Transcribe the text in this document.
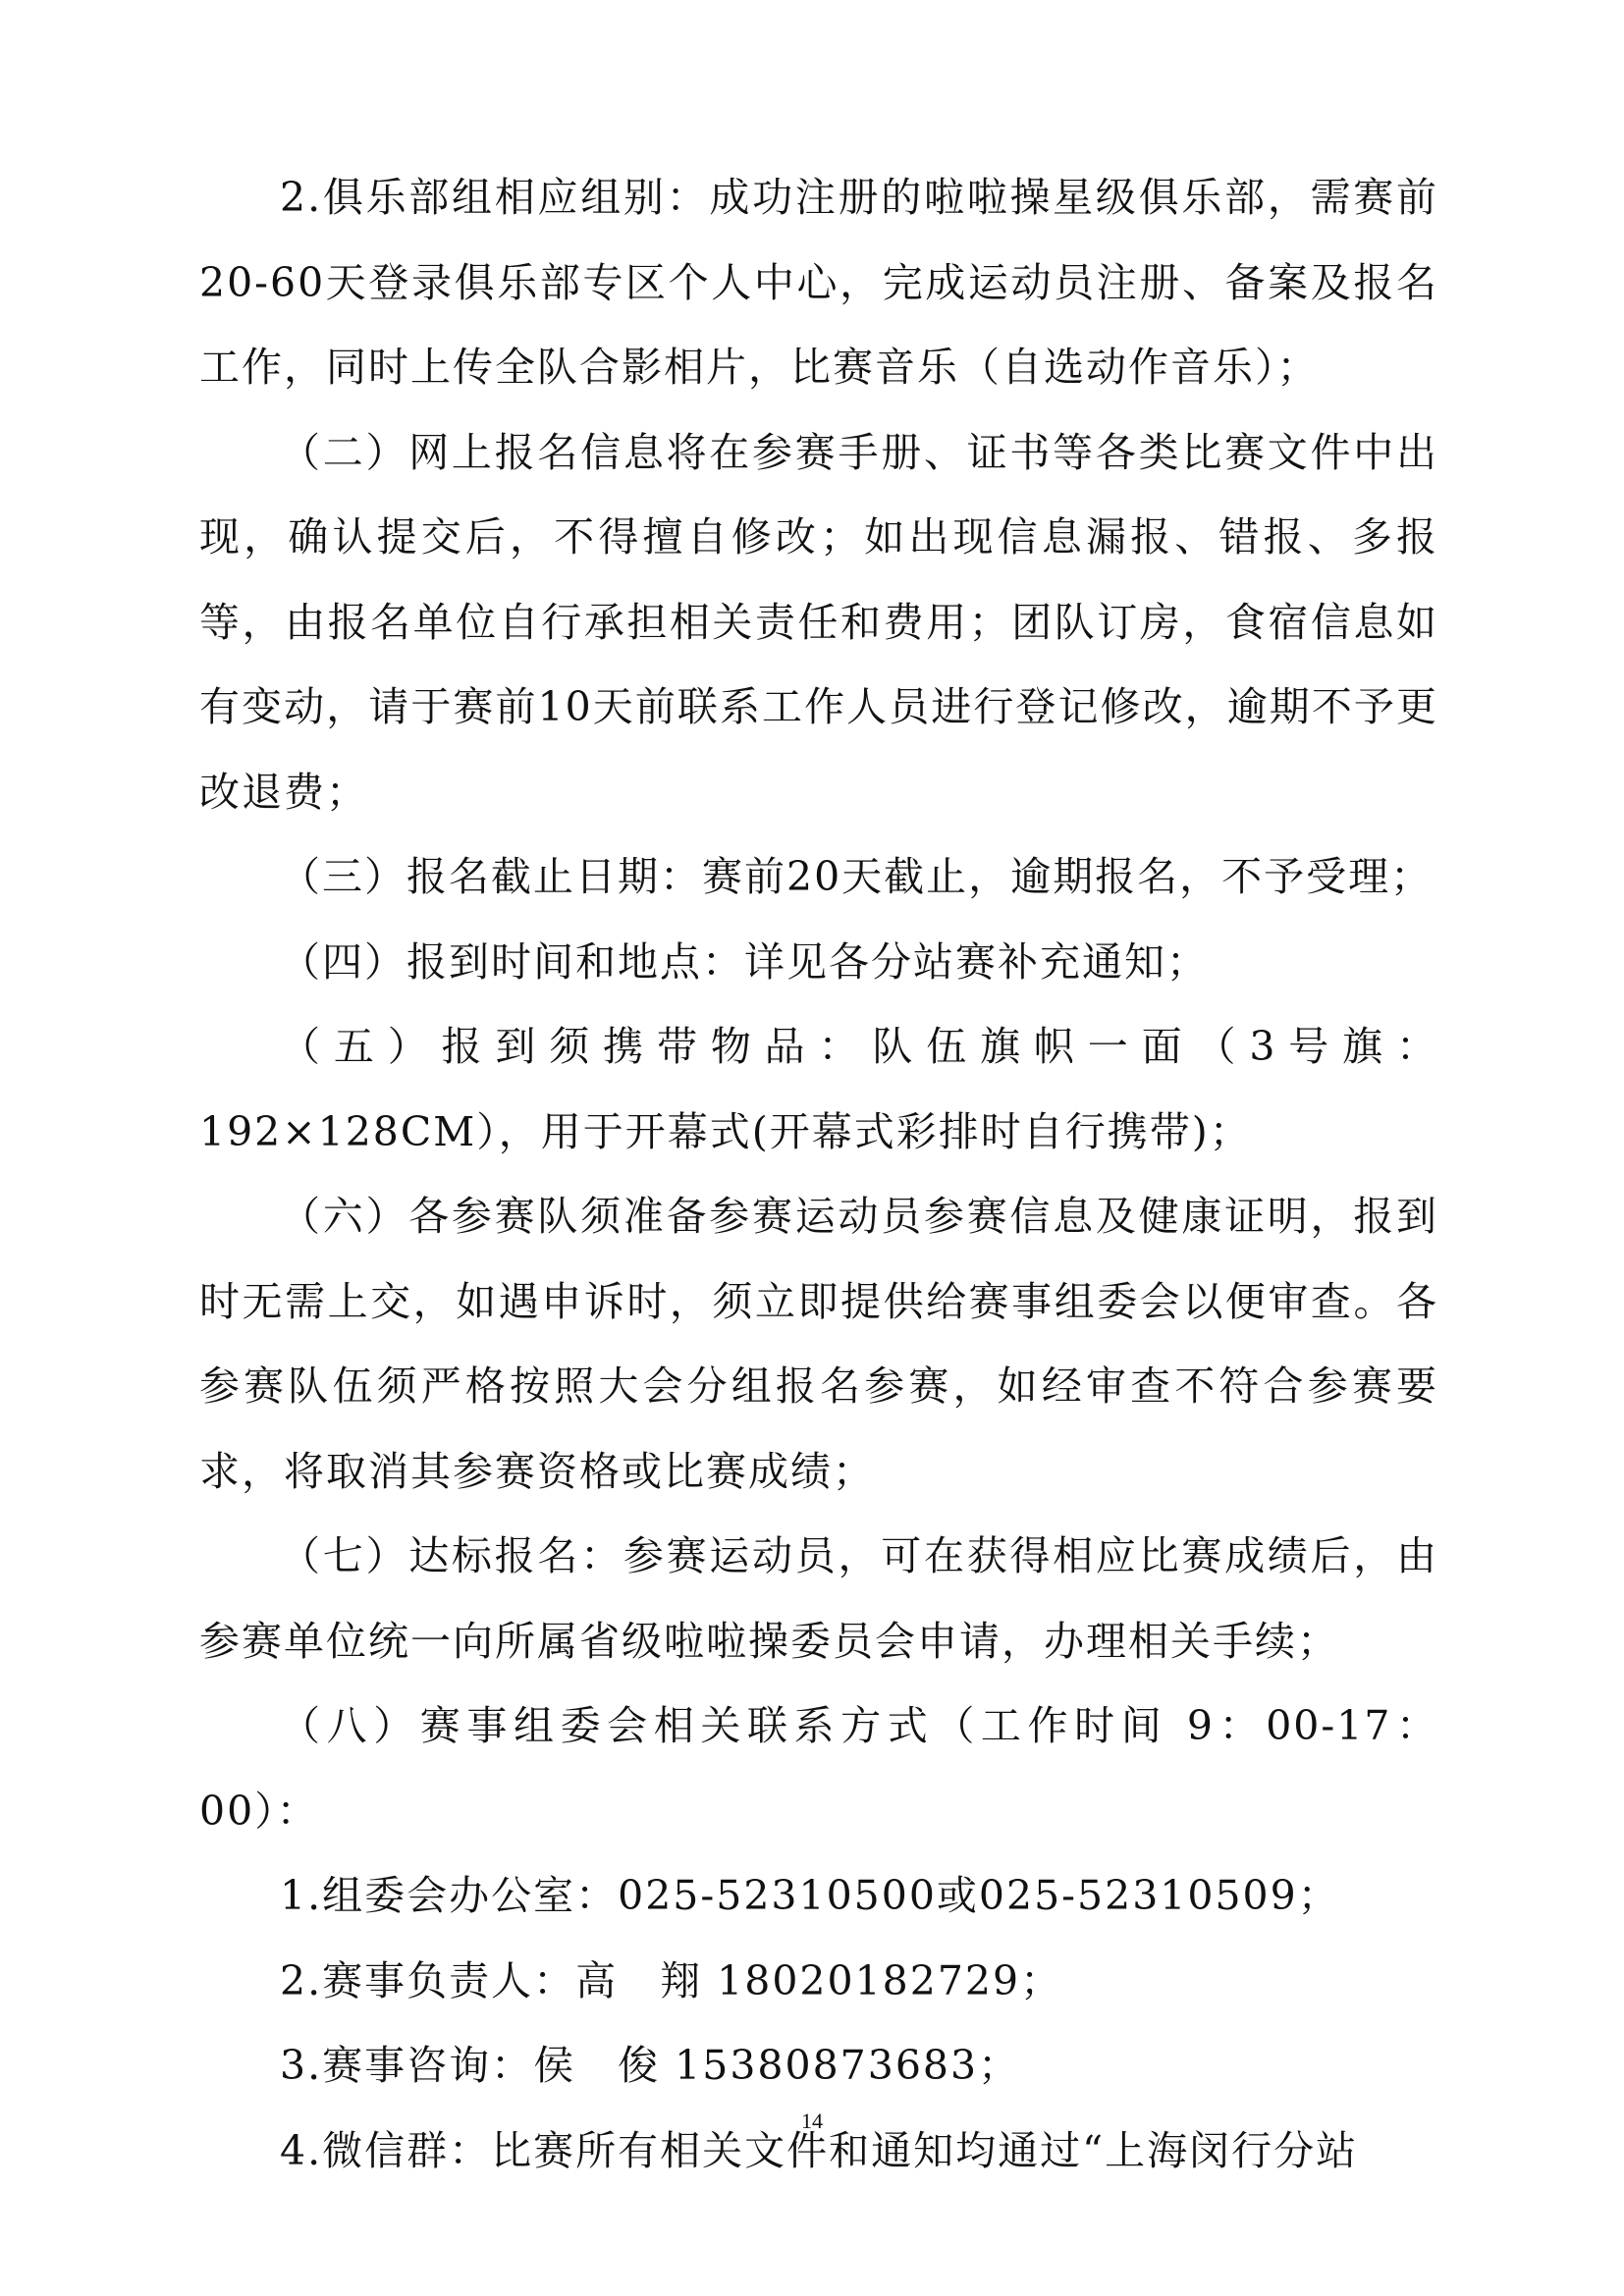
2.俱乐部组相应组别：成功注册的啦啦操星级俱乐部，需赛前20-60天登录俱乐部专区个人中心，完成运动员注册、备案及报名工作，同时上传全队合影相片，比赛音乐（自选动作音乐）；

（二）网上报名信息将在参赛手册、证书等各类比赛文件中出现，确认提交后，不得擅自修改；如出现信息漏报、错报、多报等，由报名单位自行承担相关责任和费用；团队订房，食宿信息如有变动，请于赛前10天前联系工作人员进行登记修改，逾期不予更改退费；

（三）报名截止日期：赛前20天截止，逾期报名，不予受理；

（四）报到时间和地点：详见各分站赛补充通知；

（五）报到须携带物品：队伍旗帜一面（3号旗：192×128CM），用于开幕式(开幕式彩排时自行携带)；

（六）各参赛队须准备参赛运动员参赛信息及健康证明，报到时无需上交，如遇申诉时，须立即提供给赛事组委会以便审查。各参赛队伍须严格按照大会分组报名参赛，如经审查不符合参赛要求，将取消其参赛资格或比赛成绩；

（七）达标报名：参赛运动员，可在获得相应比赛成绩后，由参赛单位统一向所属省级啦啦操委员会申请，办理相关手续；

（八）赛事组委会相关联系方式（工作时间 9：00-17：00）：

1.组委会办公室：025-52310500或025-52310509；

2.赛事负责人：高　翔 18020182729；

3.赛事咨询：侯　俊 15380873683；

4.微信群：比赛所有相关文件和通知均通过“上海闵行分站

14
